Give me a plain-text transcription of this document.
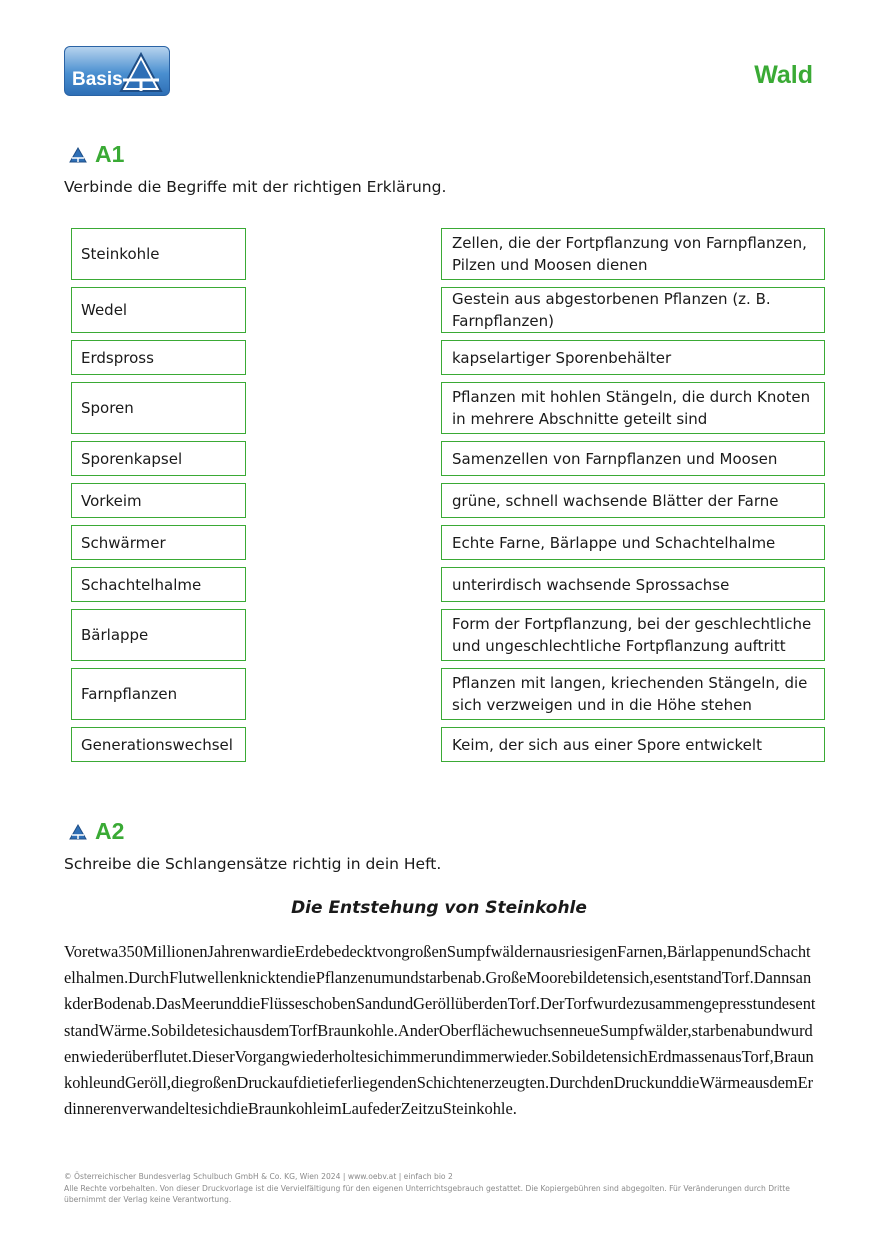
Basis	Wald
A1
Verbinde die Begriffe mit der richtigen Erklärung.
Steinkohle
Wedel
Erdspross
Sporen
Sporenkapsel
Vorkeim
Schwärmer
Schachtelhalme
Bärlappe
Farnpflanzen
Generationswechsel
Zellen, die der Fortpflanzung von Farnpflanzen, Pilzen und Moosen dienen
Gestein aus abgestorbenen Pflanzen (z. B. Farnpflanzen)
kapselartiger Sporenbehälter
Pflanzen mit hohlen Stängeln, die durch Knoten in mehrere Abschnitte geteilt sind
Samenzellen von Farnpflanzen und Moosen
grüne, schnell wachsende Blätter der Farne
Echte Farne, Bärlappe und Schachtelhalme
unterirdisch wachsende Sprossachse
Form der Fortpflanzung, bei der geschlechtliche und ungeschlechtliche Fortpflanzung auftritt
Pflanzen mit langen, kriechenden Stängeln, die sich verzweigen und in die Höhe stehen
Keim, der sich aus einer Spore entwickelt
A2
Schreibe die Schlangensätze richtig in dein Heft.
Die Entstehung von Steinkohle
Voretwa350MillionenJahrenwardieErdebedecktvongroßenSumpfwäldernausriesigenFarnen,BärlappenundSchachtelhalmen.DurchFlutwellenknicktendiePflanzenumundstarbenab.GroßeMoorebildetensich,esentstandTorf.DannsankderBodenab.DasMeerunddieFlüsseschobenSandundGeröllüberdenTorf.DerTorfwurdezusammengepresstundesentstandWärme.SobildetesichausdemTorfBraunkohle.AnderOberflächewuchsenneueSumpfwälder,starbenabundwurdenwiederüberflutet.DieserVorgangwiederholtesichimmerundimmerwieder.SobildetensichErdmassenausTorf,BraunkohleundGeröll,diegroßenDruckaufdietieferliegendenSchichtenerzeugten.DurchdenDruckunddieWärmeausdemErdinnerenverwandeltesichdieBraunkohleimLaufederZeitzuSteinkohle.
© Österreichischer Bundesverlag Schulbuch GmbH & Co. KG, Wien 2024 | www.oebv.at | einfach bio 2
Alle Rechte vorbehalten. Von dieser Druckvorlage ist die Vervielfältigung für den eigenen Unterrichtsgebrauch gestattet. Die Kopiergebühren sind abgegolten. Für Veränderungen durch Dritte übernimmt der Verlag keine Verantwortung.
